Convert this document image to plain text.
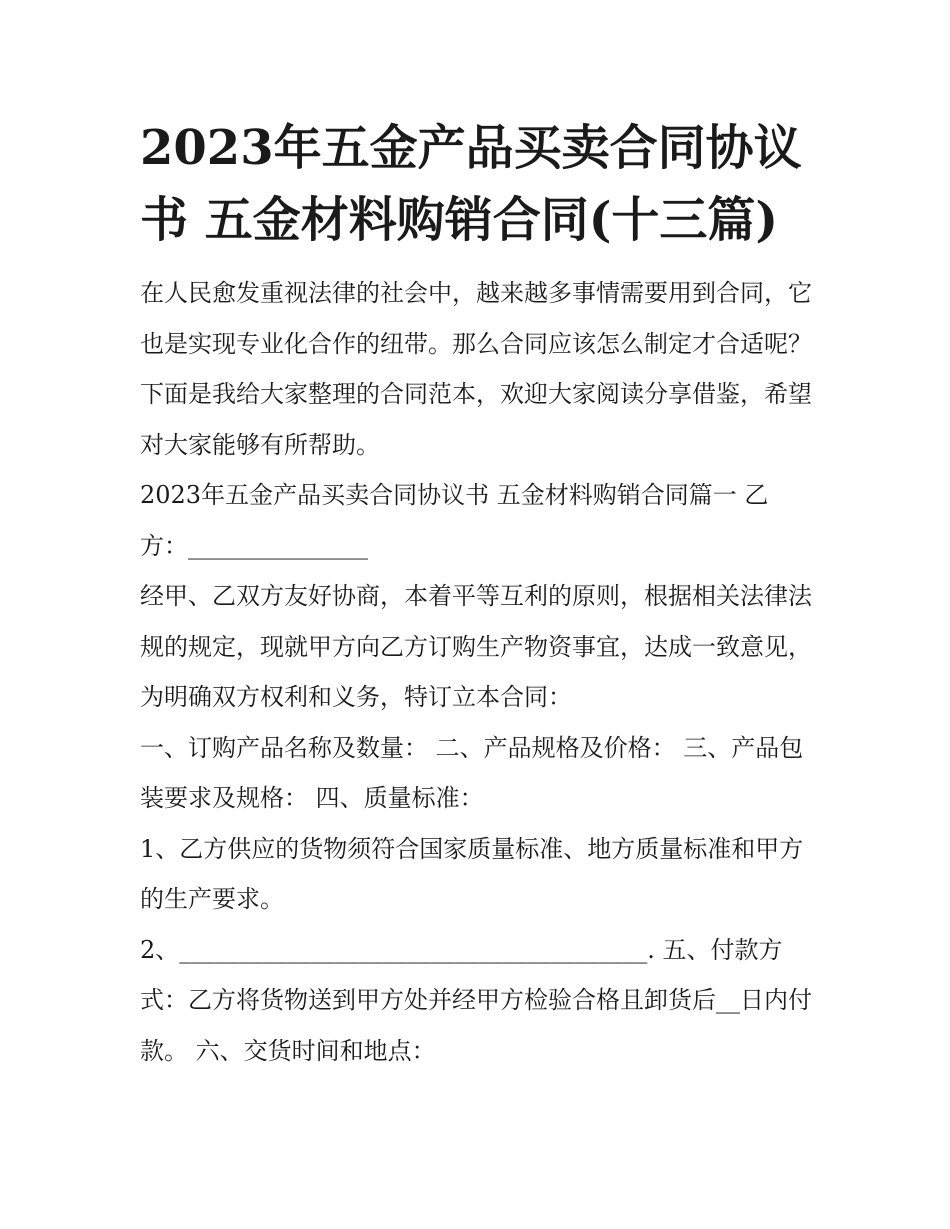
2023年五金产品买卖合同协议书 五金材料购销合同(十三篇)

在人民愈发重视法律的社会中，越来越多事情需要用到合同，它也是实现专业化合作的纽带。那么合同应该怎么制定才合适呢？下面是我给大家整理的合同范本，欢迎大家阅读分享借鉴，希望对大家能够有所帮助。

2023年五金产品买卖合同协议书 五金材料购销合同篇一 乙方：_______________

经甲、乙双方友好协商，本着平等互利的原则，根据相关法律法规的规定，现就甲方向乙方订购生产物资事宜，达成一致意见，为明确双方权利和义务，特订立本合同：

一、订购产品名称及数量： 二、产品规格及价格： 三、产品包装要求及规格： 四、质量标准：

1、乙方供应的货物须符合国家质量标准、地方质量标准和甲方的生产要求。

2、_______________________________________. 五、付款方式：乙方将货物送到甲方处并经甲方检验合格且卸货后__日内付款。 六、交货时间和地点：
